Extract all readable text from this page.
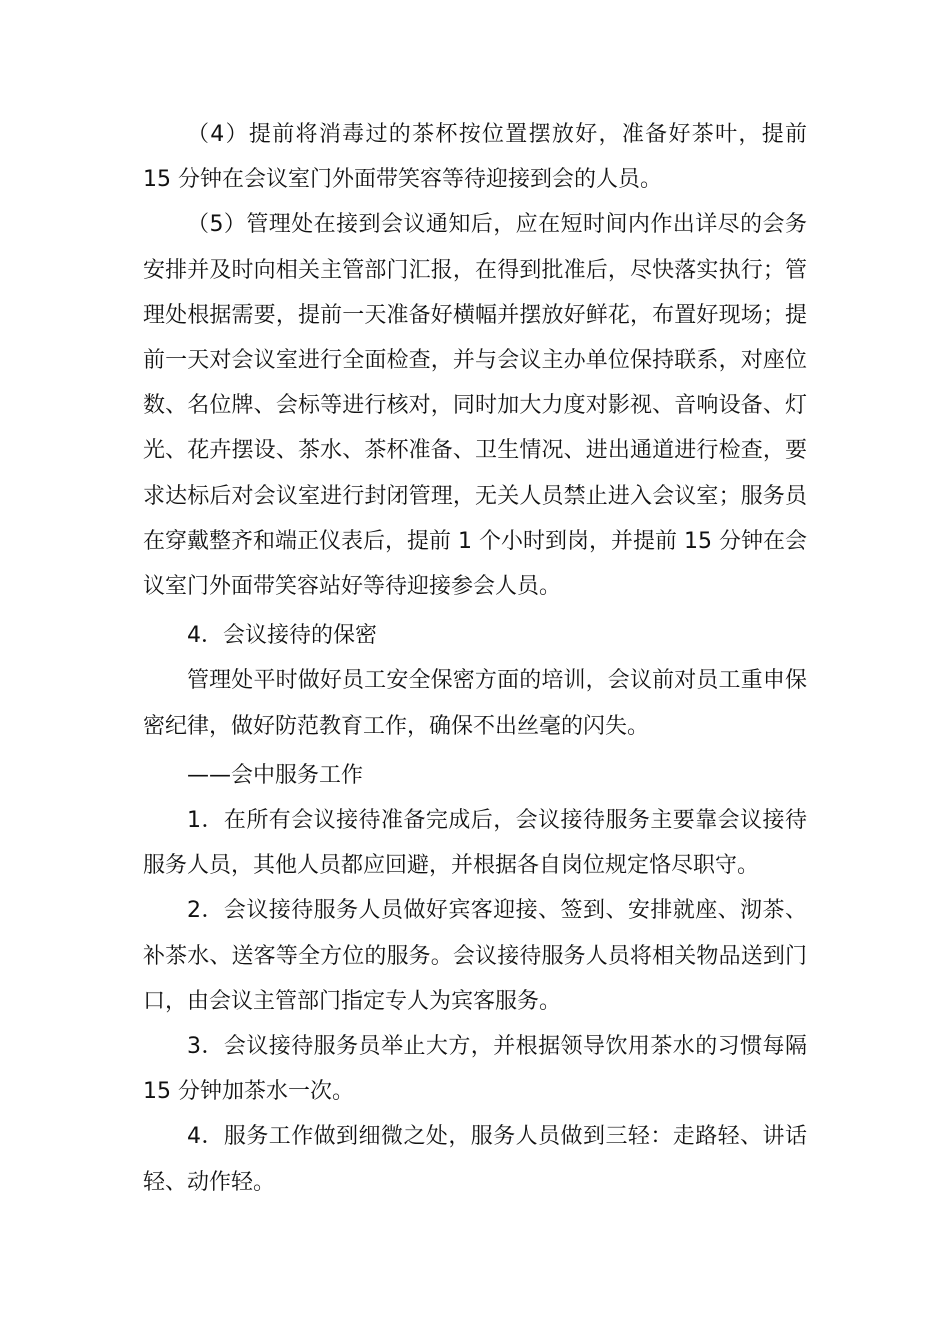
（4）提前将消毒过的茶杯按位置摆放好，准备好茶叶，提前 15 分钟在会议室门外面带笑容等待迎接到会的人员。

（5）管理处在接到会议通知后，应在短时间内作出详尽的会务安排并及时向相关主管部门汇报，在得到批准后，尽快落实执行；管理处根据需要，提前一天准备好横幅并摆放好鲜花，布置好现场；提前一天对会议室进行全面检查，并与会议主办单位保持联系，对座位数、名位牌、会标等进行核对，同时加大力度对影视、音响设备、灯光、花卉摆设、茶水、茶杯准备、卫生情况、进出通道进行检查，要求达标后对会议室进行封闭管理，无关人员禁止进入会议室；服务员在穿戴整齐和端正仪表后，提前 1 个小时到岗，并提前 15 分钟在会议室门外面带笑容站好等待迎接参会人员。

4．会议接待的保密

管理处平时做好员工安全保密方面的培训，会议前对员工重申保密纪律，做好防范教育工作，确保不出丝毫的闪失。

——会中服务工作

1．在所有会议接待准备完成后，会议接待服务主要靠会议接待服务人员，其他人员都应回避，并根据各自岗位规定恪尽职守。

2．会议接待服务人员做好宾客迎接、签到、安排就座、沏茶、补茶水、送客等全方位的服务。会议接待服务人员将相关物品送到门口，由会议主管部门指定专人为宾客服务。

3．会议接待服务员举止大方，并根据领导饮用茶水的习惯每隔 15 分钟加茶水一次。

4．服务工作做到细微之处，服务人员做到三轻：走路轻、讲话轻、动作轻。
